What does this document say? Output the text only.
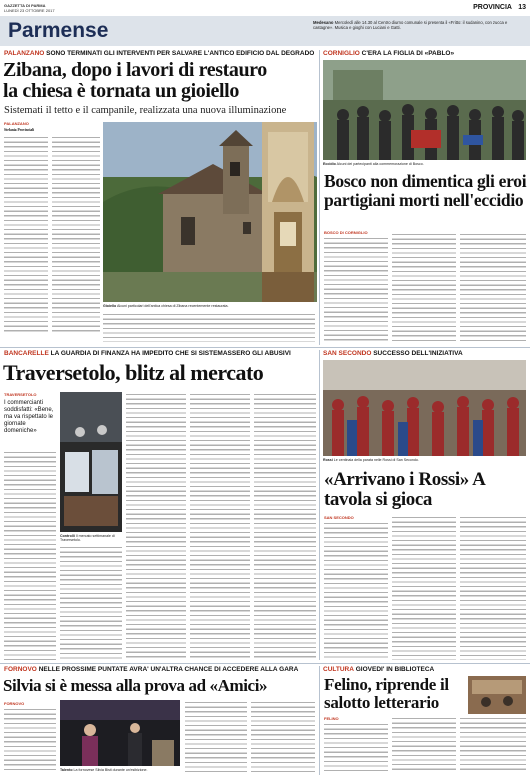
GAZZETTA DI PARMA
LUNEDÌ 23 OTTOBRE 2017	PROVINCIA 13
Parmense	Medesano Mercoledì alle 14.30 al Centro diurno comunale si presenta il «Fritto: il sudanino, con zucca e castagne». Musica e gioghi con Luciani e Gatti.
PALANZANO SONO TERMINATI GLI INTERVENTI PER SALVARE L'ANTICO EDIFICIO DAL DEGRADO
Zibana, dopo i lavori di restauro
la chiesa è tornata un gioiello
Sistemati il tetto e il campanile, realizzata una nuova illuminazione
PALANZANO
Stefania Provinciali
Gioiello Alcuni particolari dell'antica chiesa di Zibana recentemente restaurata.
CORNIGLIO C'ERA LA FIGLIA DI «PABLO»
Eccidio Alcuni dei partecipanti alla commemorazione di Bosco.
Bosco non dimentica gli eroi partigiani morti nell'eccidio
BOSCO DI CORNIGLIO
BANCARELLE LA GUARDIA DI FINANZA HA IMPEDITO CHE SI SISTEMASSERO GLI ABUSIVI
Traversetolo, blitz al mercato
TRAVERSETOLO
I commercianti soddisfatti: «Bene, ma va rispettato le giornate domeniche»
Controlli Il mercato settimanale di Traversetolo.
SAN SECONDO SUCCESSO DELL'INIZIATIVA
Rossi Le centinaia della parata nelle Rossi di San Secondo.
«Arrivano i Rossi» A tavola si gioca
SAN SECONDO
FORNOVO NELLE PROSSIME PUNTATE AVRA' UN'ALTRA CHANCE DI ACCEDERE ALLA GARA
Silvia si è messa alla prova ad «Amici»
FORNOVO
Talento La fornovese Silvia Bisti durante un'esibizione.
CULTURA GIOVEDI' IN BIBLIOTECA
Felino, riprende il salotto letterario
FELINO
